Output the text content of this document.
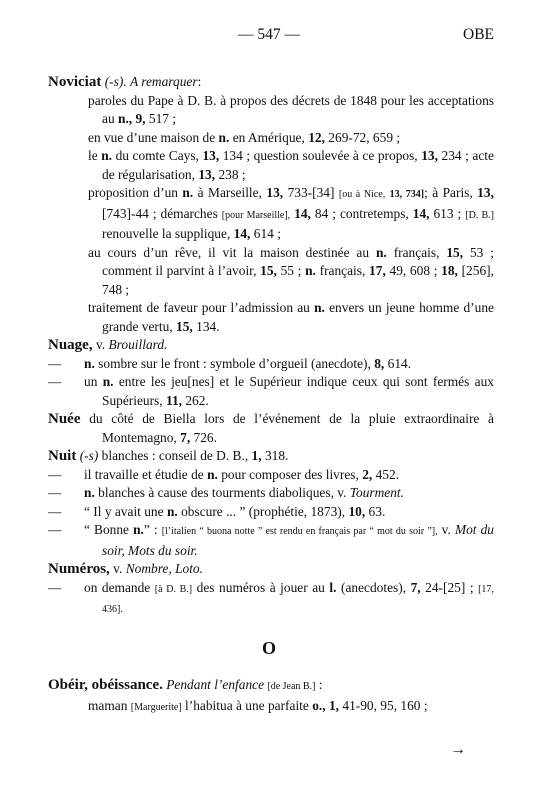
— 547 —	OBE

Noviciat (-s). A remarquer:

paroles du Pape à D. B. à propos des décrets de 1848 pour les acceptations au n., 9, 517 ;

en vue d’une maison de n. en Amérique, 12, 269-72, 659 ;

le n. du comte Cays, 13, 134 ; question soulevée à ce propos, 13, 234 ; acte de régularisation, 13, 238 ;

proposition d’un n. à Marseille, 13, 733-[34] [ou à Nice, 13, 734]; à Paris, 13, [743]-44 ; démarches [pour Marseille], 14, 84 ; contretemps, 14, 613 ; [D. B.] renouvelle la supplique, 14, 614 ;

au cours d’un rêve, il vit la maison destinée au n. français, 15, 53 ; comment il parvint à l’avoir, 15, 55 ; n. français, 17, 49, 608 ; 18, [256], 748 ;

traitement de faveur pour l’admission au n. envers un jeune homme d’une grande vertu, 15, 134.

Nuage, v. Brouillard.

— n. sombre sur le front : symbole d’orgueil (anecdote), 8, 614.

— un n. entre les jeu[nes] et le Supérieur indique ceux qui sont fermés aux Supérieurs, 11, 262.

Nuée du côté de Biella lors de l’événement de la pluie extraordinaire à Montemagno, 7, 726.

Nuit (-s) blanches : conseil de D. B., 1, 318.

— il travaille et étudie de n. pour composer des livres, 2, 452.

— n. blanches à cause des tourments diaboliques, v. Tourment.

— “ Il y avait une n. obscure ... ” (prophétie, 1873), 10, 63.

— “ Bonne n.” : [l’italien “ buona notte ” est rendu en français par “ mot du soir ”], v. Mot du soir, Mots du soir.

Numéros, v. Nombre, Loto.

— on demande [à D. B.] des numéros à jouer au l. (anecdotes), 7, 24-[25] ; [17, 436].

O

Obéir, obéissance. Pendant l’enfance [de Jean B.] :

maman [Marguerite] l’habitua à une parfaite o., 1, 41-90, 95, 160 ;

→
